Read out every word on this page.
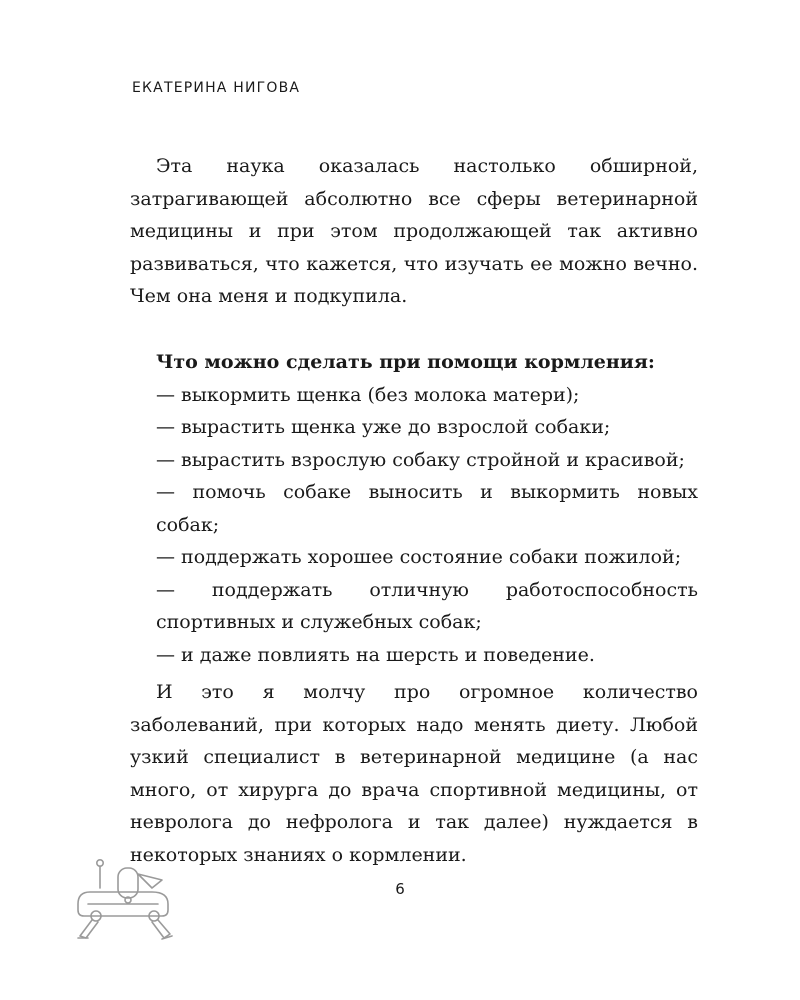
ЕКАТЕРИНА НИГОВА
Эта наука оказалась настолько обширной, затрагивающей абсолютно все сферы ветеринарной медицины и при этом продолжающей так активно развиваться, что кажется, что изучать ее можно вечно. Чем она меня и подкупила.
Что можно сделать при помощи кормления:
— выкормить щенка (без молока матери);
— вырастить щенка уже до взрослой собаки;
— вырастить взрослую собаку стройной и красивой;
— помочь собаке выносить и выкормить новых собак;
— поддержать хорошее состояние собаки пожилой;
— поддержать отличную работоспособность спортивных и служебных собак;
— и даже повлиять на шерсть и поведение.
И это я молчу про огромное количество заболеваний, при которых надо менять диету. Любой узкий специалист в ветеринарной медицине (а нас много, от хирурга до врача спортивной медицины, от невролога до нефролога и так далее) нуждается в некоторых знаниях о кормлении.
6
